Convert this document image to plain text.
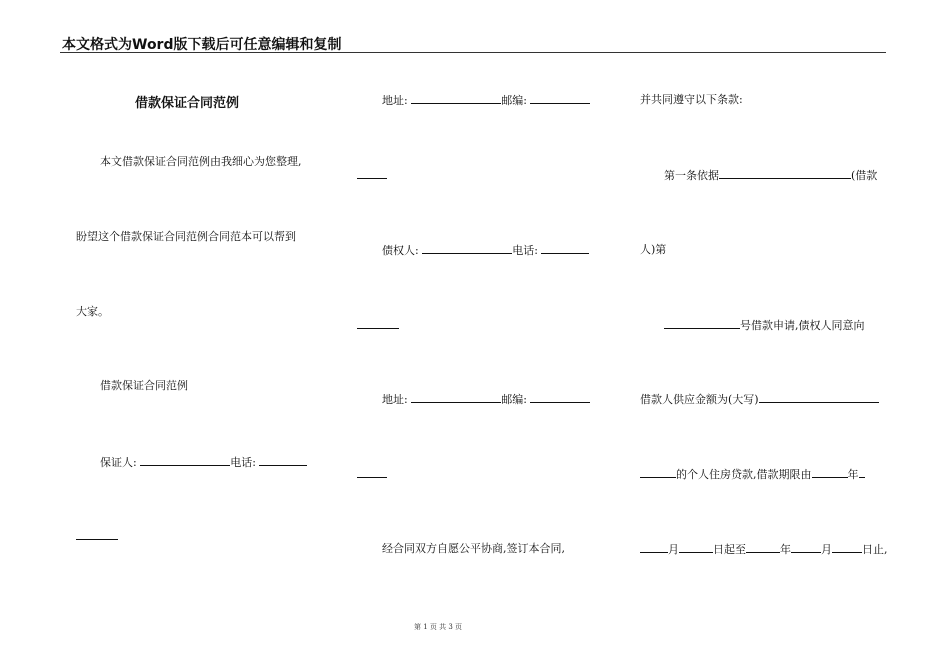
本文格式为Word版下载后可任意编辑和复制
借款保证合同范例
本文借款保证合同范例由我细心为您整理,
盼望这个借款保证合同范例合同范本可以帮到
大家。
借款保证合同范例
保证人:	电话:
地址:	邮编:
债权人:	电话:
地址:	邮编:
经合同双方自愿公平协商,签订本合同,
并共同遵守以下条款:
第一条依据	(借款
人)第
号借款申请,债权人同意向
借款人供应金额为(大写)
的个人住房贷款,借款期限由	年
月	日起至	年	月	日止,
第 1 页 共 3 页
